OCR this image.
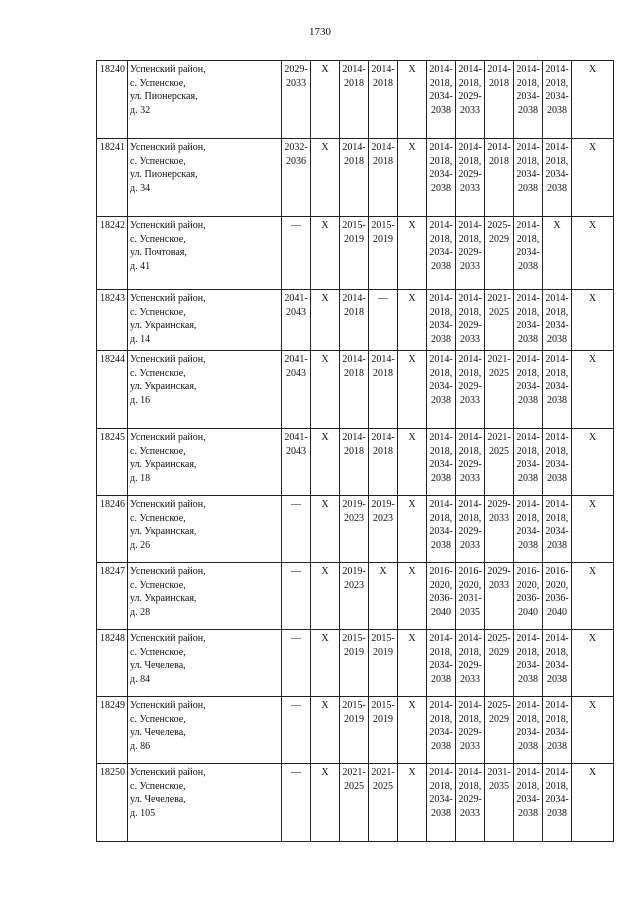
1730
18240	Успенский район,
с. Успенское,
ул. Пионерская,
д. 32	2029-
2033	X	2014-
2018	2014-
2018	X	2014-
2018,
2034-
2038	2014-
2018,
2029-
2033	2014-
2018	2014-
2018,
2034-
2038	2014-
2018,
2034-
2038	X

18241	Успенский район,
с. Успенское,
ул. Пионерская,
д. 34	2032-
2036	X	2014-
2018	2014-
2018	X	2014-
2018,
2034-
2038	2014-
2018,
2029-
2033	2014-
2018	2014-
2018,
2034-
2038	2014-
2018,
2034-
2038	X

18242	Успенский район,
с. Успенское,
ул. Почтовая,
д. 41	—	X	2015-
2019	2015-
2019	X	2014-
2018,
2034-
2038	2014-
2018,
2029-
2033	2025-
2029	2014-
2018,
2034-
2038	X	X

18243	Успенский район,
с. Успенское,
ул. Украинская,
д. 14	2041-
2043	X	2014-
2018	—	X	2014-
2018,
2034-
2038	2014-
2018,
2029-
2033	2021-
2025	2014-
2018,
2034-
2038	2014-
2018,
2034-
2038	X

18244	Успенский район,
с. Успенское,
ул. Украинская,
д. 16	2041-
2043	X	2014-
2018	2014-
2018	X	2014-
2018,
2034-
2038	2014-
2018,
2029-
2033	2021-
2025	2014-
2018,
2034-
2038	2014-
2018,
2034-
2038	X

18245	Успенский район,
с. Успенское,
ул. Украинская,
д. 18	2041-
2043	X	2014-
2018	2014-
2018	X	2014-
2018,
2034-
2038	2014-
2018,
2029-
2033	2021-
2025	2014-
2018,
2034-
2038	2014-
2018,
2034-
2038	X

18246	Успенский район,
с. Успенское,
ул. Украинская,
д. 26	—	X	2019-
2023	2019-
2023	X	2014-
2018,
2034-
2038	2014-
2018,
2029-
2033	2029-
2033	2014-
2018,
2034-
2038	2014-
2018,
2034-
2038	X

18247	Успенский район,
с. Успенское,
ул. Украинская,
д. 28	—	X	2019-
2023	X	X	2016-
2020,
2036-
2040	2016-
2020,
2031-
2035	2029-
2033	2016-
2020,
2036-
2040	2016-
2020,
2036-
2040	X

18248	Успенский район,
с. Успенское,
ул. Чечелева,
д. 84	—	X	2015-
2019	2015-
2019	X	2014-
2018,
2034-
2038	2014-
2018,
2029-
2033	2025-
2029	2014-
2018,
2034-
2038	2014-
2018,
2034-
2038	X

18249	Успенский район,
с. Успенское,
ул. Чечелева,
д. 86	—	X	2015-
2019	2015-
2019	X	2014-
2018,
2034-
2038	2014-
2018,
2029-
2033	2025-
2029	2014-
2018,
2034-
2038	2014-
2018,
2034-
2038	X

18250	Успенский район,
с. Успенское,
ул. Чечелева,
д. 105	—	X	2021-
2025	2021-
2025	X	2014-
2018,
2034-
2038	2014-
2018,
2029-
2033	2031-
2035	2014-
2018,
2034-
2038	2014-
2018,
2034-
2038	X
